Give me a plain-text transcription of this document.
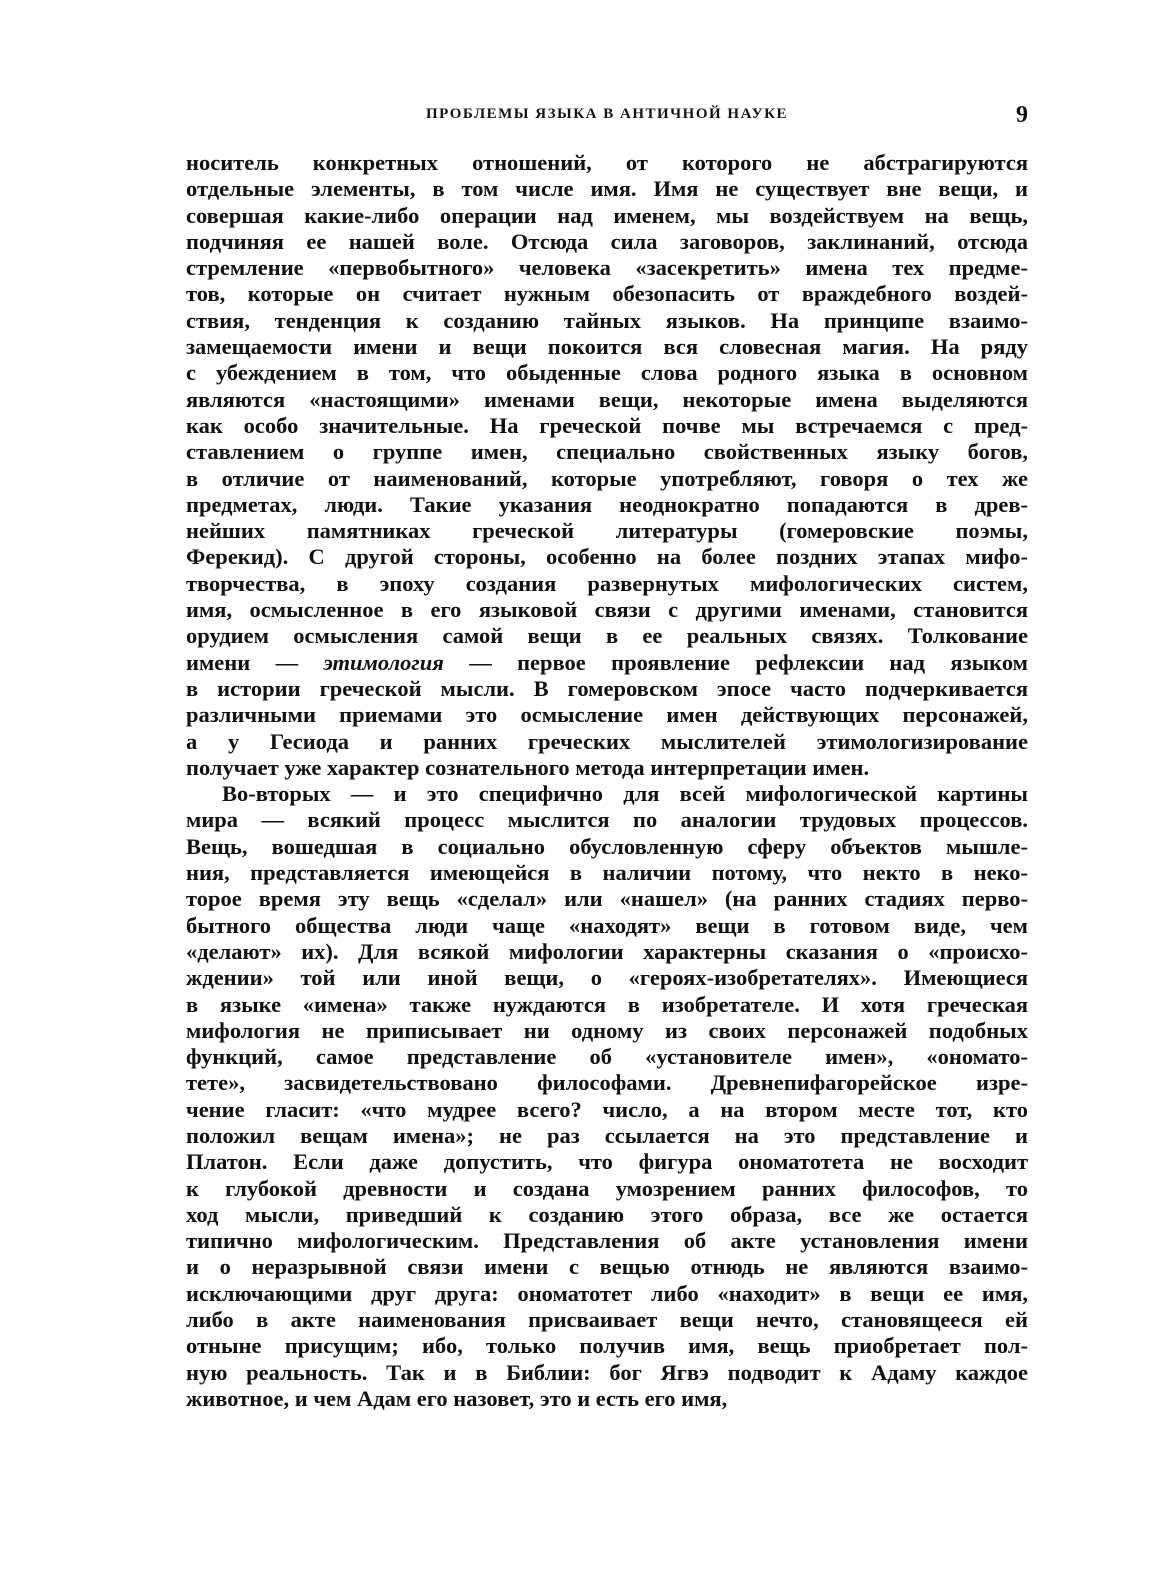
ПРОБЛЕМЫ ЯЗЫКА В АНТИЧНОЙ НАУКЕ	9
носитель конкретных отношений, от которого не абстрагируются
отдельные элементы, в том числе имя. Имя не существует вне вещи, и
совершая какие-либо операции над именем, мы воздействуем на вещь,
подчиняя ее нашей воле. Отсюда сила заговоров, заклинаний, отсюда
стремление «первобытного» человека «засекретить» имена тех предме-
тов, которые он считает нужным обезопасить от враждебного воздей-
ствия, тенденция к созданию тайных языков. На принципе взаимо-
замещаемости имени и вещи покоится вся словесная магия. На ряду
с убеждением в том, что обыденные слова родного языка в основном
являются «настоящими» именами вещи, некоторые имена выделяются
как особо значительные. На греческой почве мы встречаемся с пред-
ставлением о группе имен, специально свойственных языку богов,
в отличие от наименований, которые употребляют, говоря о тех же
предметах, люди. Такие указания неоднократно попадаются в древ-
нейших памятниках греческой литературы (гомеровские поэмы,
Ферекид). С другой стороны, особенно на более поздних этапах мифо-
творчества, в эпоху создания развернутых мифологических систем,
имя, осмысленное в его языковой связи с другими именами, становится
орудием осмысления самой вещи в ее реальных связях. Толкование
имени — этимология — первое проявление рефлексии над языком
в истории греческой мысли. В гомеровском эпосе часто подчеркивается
различными приемами это осмысление имен действующих персонажей,
а у Гесиода и ранних греческих мыслителей этимологизирование
получает уже характер сознательного метода интерпретации имен.
Во-вторых — и это специфично для всей мифологической картины
мира — всякий процесс мыслится по аналогии трудовых процессов.
Вещь, вошедшая в социально обусловленную сферу объектов мышле-
ния, представляется имеющейся в наличии потому, что некто в неко-
торое время эту вещь «сделал» или «нашел» (на ранних стадиях перво-
бытного общества люди чаще «находят» вещи в готовом виде, чем
«делают» их). Для всякой мифологии характерны сказания о «происхо-
ждении» той или иной вещи, о «героях-изобретателях». Имеющиеся
в языке «имена» также нуждаются в изобретателе. И хотя греческая
мифология не приписывает ни одному из своих персонажей подобных
функций, самое представление об «установителе имен», «ономато-
тете», засвидетельствовано философами. Древнепифагорейское изре-
чение гласит: «что мудрее всего? число, а на втором месте тот, кто
положил вещам имена»; не раз ссылается на это представление и
Платон. Если даже допустить, что фигура ономатотета не восходит
к глубокой древности и создана умозрением ранних философов, то
ход мысли, приведший к созданию этого образа, все же остается
типично мифологическим. Представления об акте установления имени
и о неразрывной связи имени с вещью отнюдь не являются взаимо-
исключающими друг друга: ономатотет либо «находит» в вещи ее имя,
либо в акте наименования присваивает вещи нечто, становящееся ей
отныне присущим; ибо, только получив имя, вещь приобретает пол-
ную реальность. Так и в Библии: бог Ягвэ подводит к Адаму каждое
животное, и чем Адам его назовет, это и есть его имя,
